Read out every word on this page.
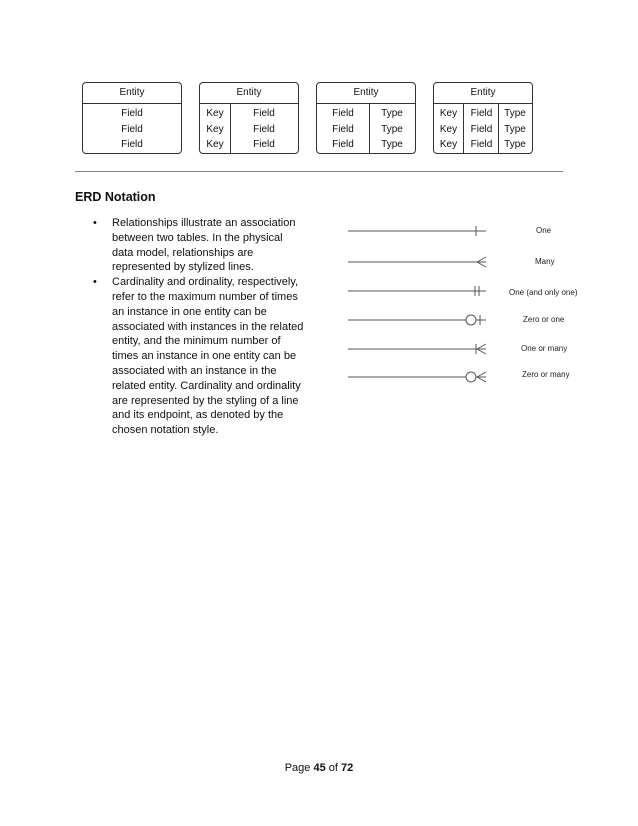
Entity
Field
Field
Field
Entity
Key
Key
Key
Field
Field
Field
Entity
Field
Field
Field
Type
Type
Type
Entity
Key
Key
Key
Field
Field
Field
Type
Type
Type
ERD Notation
• Relationships illustrate an association between two tables. In the physical data model, relationships are represented by stylized lines.
• Cardinality and ordinality, respectively, refer to the maximum number of times an instance in one entity can be associated with instances in the related entity, and the minimum number of times an instance in one entity can be associated with an instance in the related entity. Cardinality and ordinality are represented by the styling of a line and its endpoint, as denoted by the chosen notation style.
One
Many
One (and only one)
Zero or one
One or many
Zero or many
Page 45 of 72
